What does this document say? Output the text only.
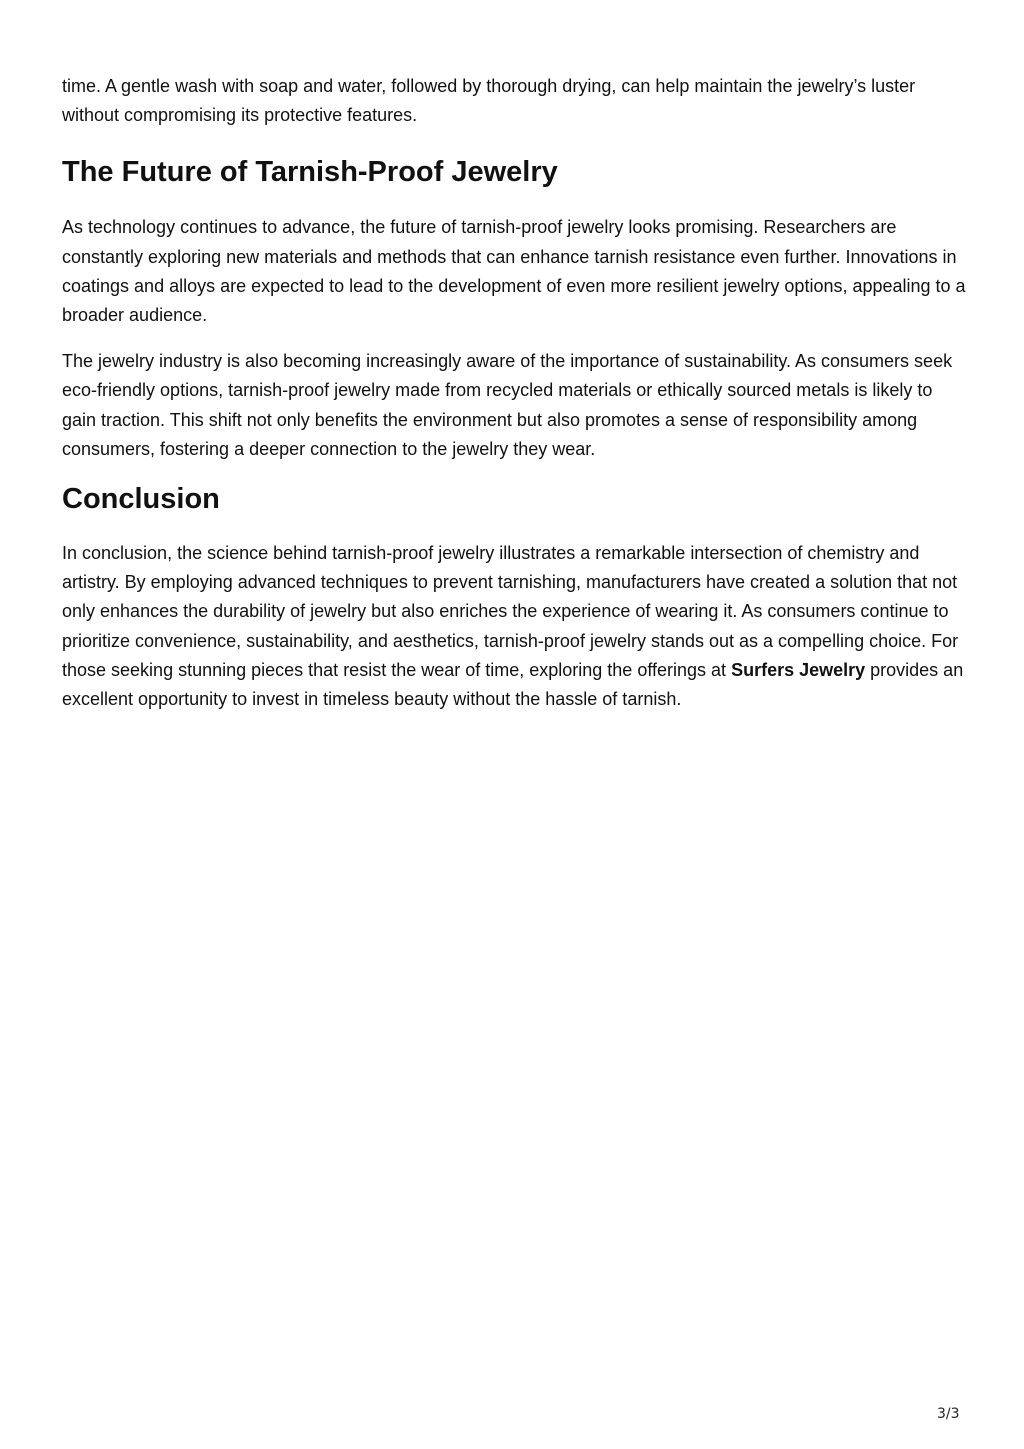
time. A gentle wash with soap and water, followed by thorough drying, can help maintain the jewelry’s luster without compromising its protective features.

The Future of Tarnish-Proof Jewelry

As technology continues to advance, the future of tarnish-proof jewelry looks promising. Researchers are constantly exploring new materials and methods that can enhance tarnish resistance even further. Innovations in coatings and alloys are expected to lead to the development of even more resilient jewelry options, appealing to a broader audience.

The jewelry industry is also becoming increasingly aware of the importance of sustainability. As consumers seek eco-friendly options, tarnish-proof jewelry made from recycled materials or ethically sourced metals is likely to gain traction. This shift not only benefits the environment but also promotes a sense of responsibility among consumers, fostering a deeper connection to the jewelry they wear.

Conclusion

In conclusion, the science behind tarnish-proof jewelry illustrates a remarkable intersection of chemistry and artistry. By employing advanced techniques to prevent tarnishing, manufacturers have created a solution that not only enhances the durability of jewelry but also enriches the experience of wearing it. As consumers continue to prioritize convenience, sustainability, and aesthetics, tarnish-proof jewelry stands out as a compelling choice. For those seeking stunning pieces that resist the wear of time, exploring the offerings at Surfers Jewelry provides an excellent opportunity to invest in timeless beauty without the hassle of tarnish.

3/3
